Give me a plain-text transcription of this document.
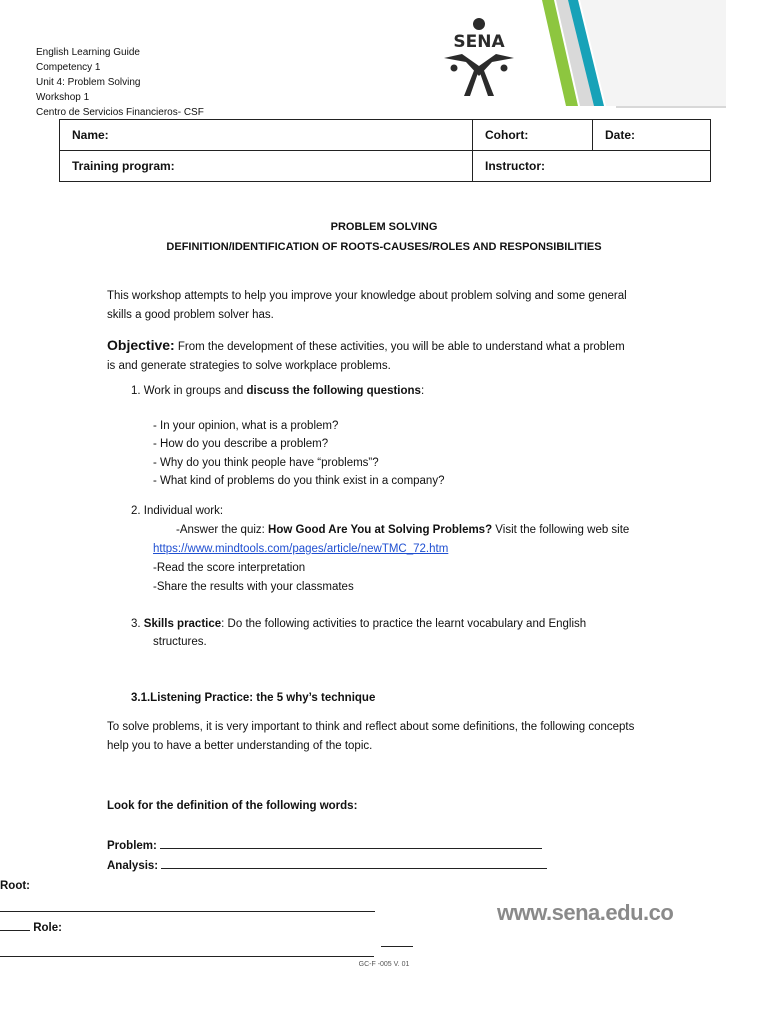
English Learning Guide
Competency 1
Unit 4: Problem Solving
Workshop 1
Centro de Servicios Financieros- CSF
SENA
Name:	Cohort:	Date:
Training program:	Instructor:	
PROBLEM SOLVING
DEFINITION/IDENTIFICATION OF ROOTS-CAUSES/ROLES AND RESPONSIBILITIES
This workshop attempts to help you improve your knowledge about problem solving and some general skills a good problem solver has.
Objective: From the development of these activities, you will be able to understand what a problem is and generate strategies to solve workplace problems.
1. Work in groups and discuss the following questions:
- In your opinion, what is a problem?
- How do you describe a problem?
- Why do you think people have “problems”?
- What kind of problems do you think exist in a company?
2. Individual work:
-Answer the quiz: How Good Are You at Solving Problems? Visit the following web site
https://www.mindtools.com/pages/article/newTMC_72.htm
-Read the score interpretation
-Share the results with your classmates
3. Skills practice: Do the following activities to practice the learnt vocabulary and English
structures.
3.1.Listening Practice: the 5 why’s technique
To solve problems, it is very important to think and reflect about some definitions, the following concepts help you to have a better understanding of the topic.
Look for the definition of the following words:
Problem:
Analysis:
Root:
Role:
www.sena.edu.co
GC-F -005 V. 01
